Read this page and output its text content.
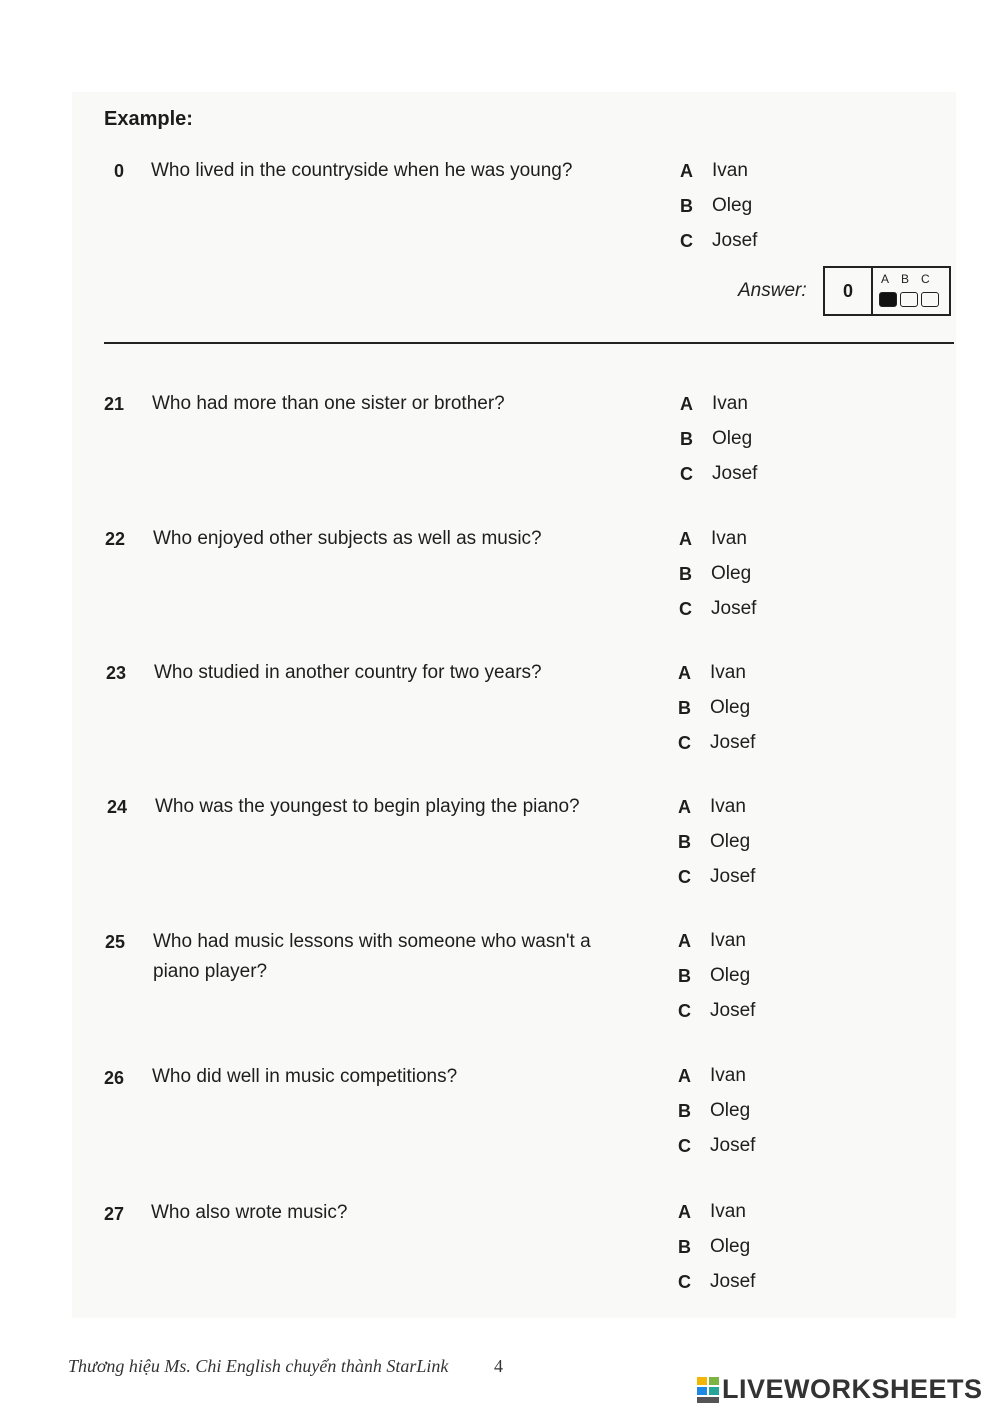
Example:
0 Who lived in the countryside when he was young?	A	Ivan
B	Oleg
C	Josef
Answer:	0
A B C
21 Who had more than one sister or brother?	A	Ivan
B	Oleg
C	Josef
22 Who enjoyed other subjects as well as music?	A	Ivan
B	Oleg
C	Josef
23 Who studied in another country for two years?	A	Ivan
B	Oleg
C	Josef
24 Who was the youngest to begin playing the piano?	A	Ivan
B	Oleg
C	Josef
25 Who had music lessons with someone who wasn't a piano player?
A	Ivan
B	Oleg
C	Josef
26 Who did well in music competitions?	A	Ivan
B	Oleg
C	Josef
27 Who also wrote music?	A	Ivan
B	Oleg
C	Josef
Thương hiệu Ms. Chi English chuyển thành StarLink	4
LIVEWORKSHEETS
